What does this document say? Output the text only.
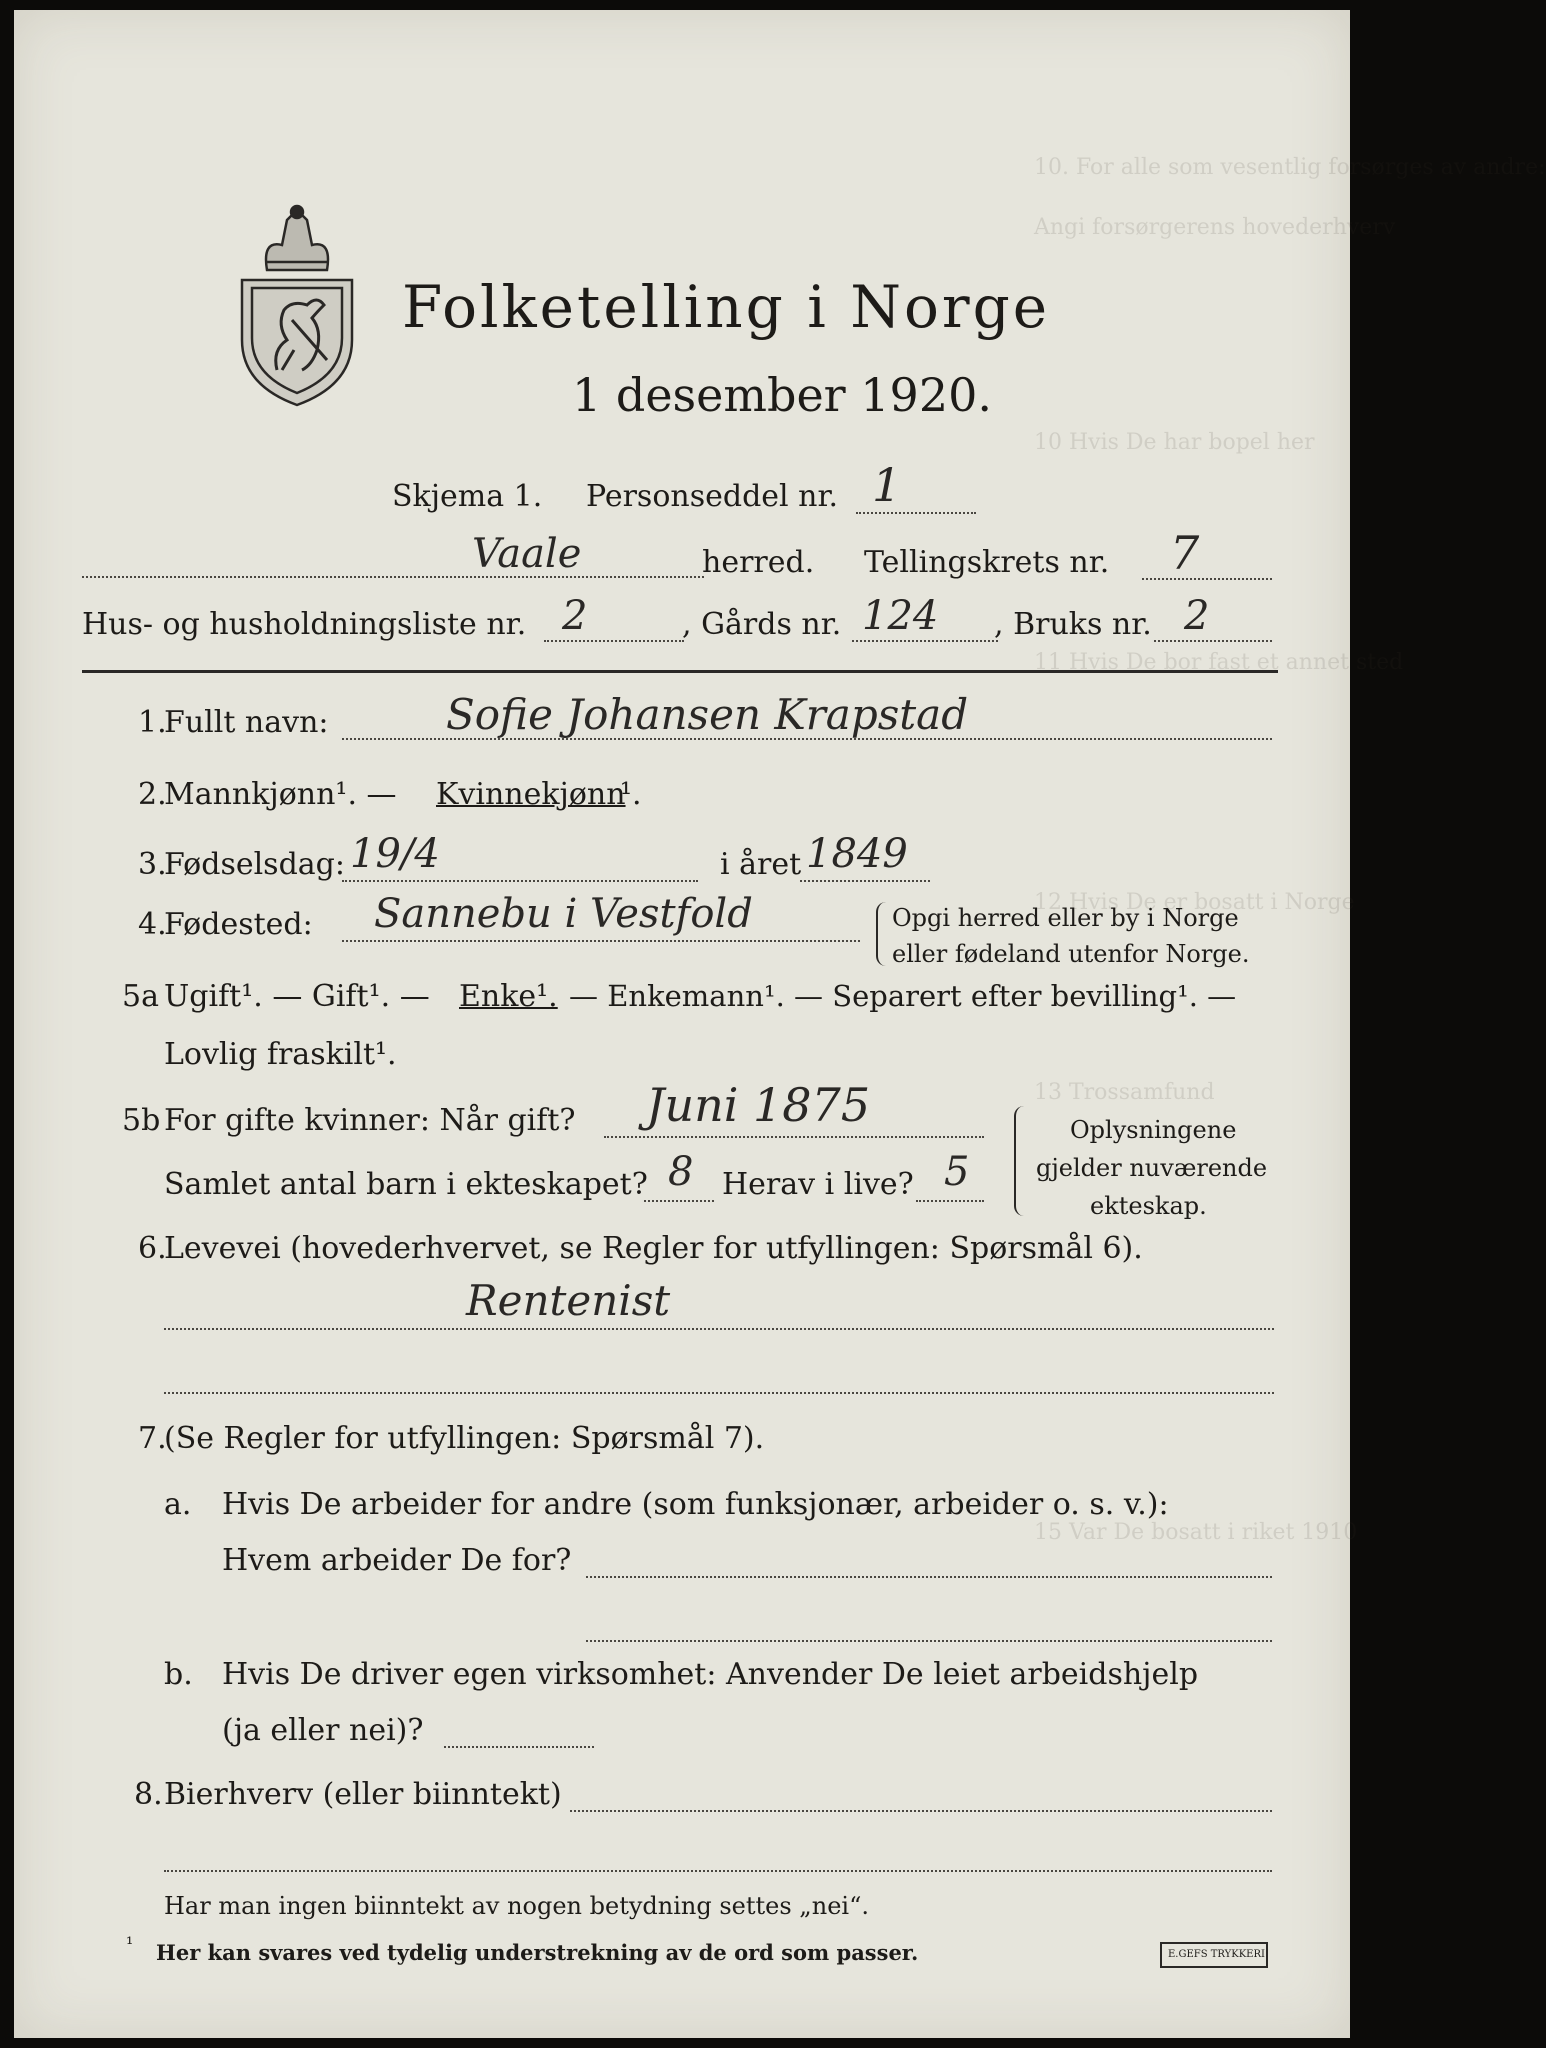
10. For alle som vesentlig forsørges av andre:
Angi forsørgerens hovederhverv
10 Hvis De har bopel her
11 Hvis De bor fast et annet sted
12 Hvis De er bosatt i Norge
13 Trossamfund
15 Var De bosatt i riket 1910
Folketelling i Norge
1 desember 1920.
Skjema 1. Personseddel nr. 1
Vaale	herred. Tellingskrets nr. 7
Hus- og husholdningsliste nr. 2	, Gårds nr. 124 , Bruks nr. 2
1.
Fullt navn:	Sofie Johansen Krapstad
2.
Mannkjønn¹. — Kvinnekjønn
¹.
3.
Fødselsdag: 19/4	i året 1849
4.
Fødested: Sannebu i Vestfold	Opgi herred eller by i Norge
eller fødeland utenfor Norge.
5a Ugift¹. — Gift¹. — Enke¹. — Enkemann¹. — Separert efter bevilling¹. —
Lovlig fraskilt¹.
5b For gifte kvinner: Når gift? Juni 1875
Samlet antal barn i ekteskapet? 8 Herav i live? 5
Oplysningene
gjelder nuværende
ekteskap.
6.
Levevei (hovederhvervet, se Regler for utfyllingen: Spørsmål 6).
Rentenist
7.
(Se Regler for utfyllingen: Spørsmål 7).
a. Hvis De arbeider for andre (som funksjonær, arbeider o. s. v.):
Hvem arbeider De for?
b. Hvis De driver egen virksomhet: Anvender De leiet arbeidshjelp
(ja eller nei)?
8. Bierhverv (eller biinntekt)
Har man ingen biinntekt av nogen betydning settes „nei“.
¹ Her kan svares ved tydelig understrekning av de ord som passer.	E.GEFS TRYKKERI
